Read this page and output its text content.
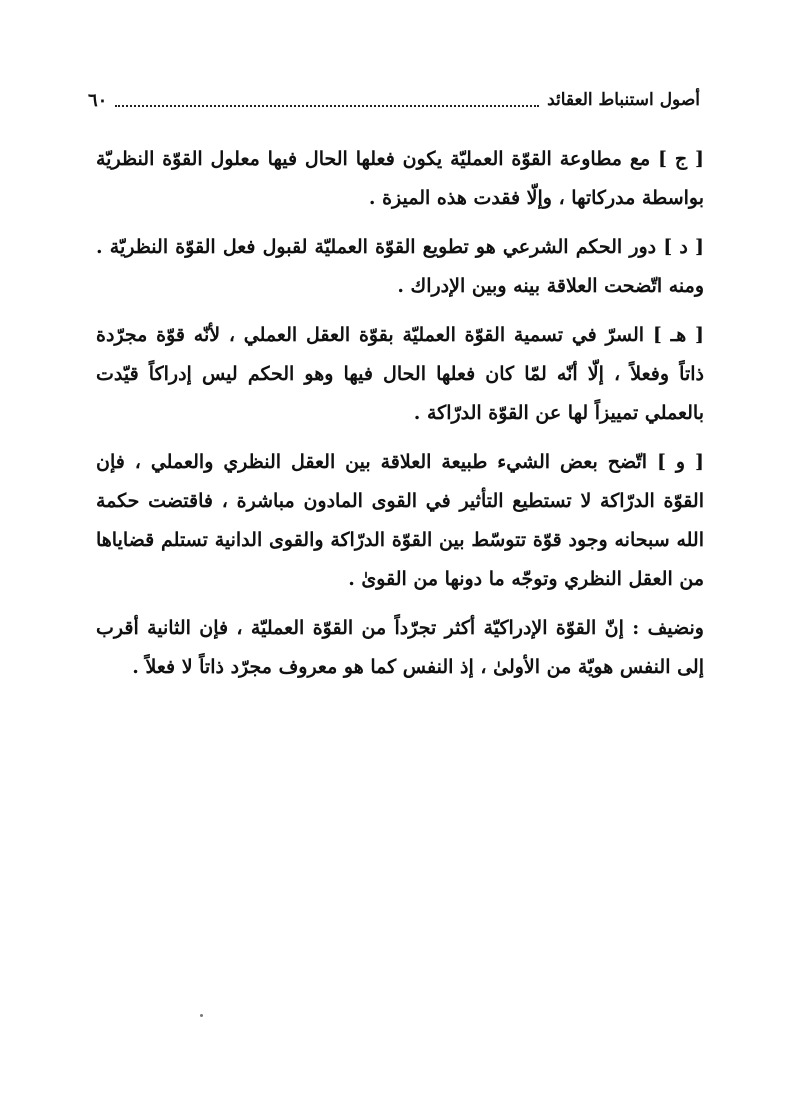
أصول استنباط العقائد
٦٠

[ ج ] مع مطاوعة القوّة العمليّة يكون فعلها الحال فيها معلول القوّة النظريّة بواسطة مدركاتها ، وإلّا فقدت هذه الميزة .

[ د ] دور الحكم الشرعي هو تطويع القوّة العمليّة لقبول فعل القوّة النظريّة . ومنه اتّضحت العلاقة بينه وبين الإدراك .

[ هـ ] السرّ في تسمية القوّة العمليّة بقوّة العقل العملي ، لأنّه قوّة مجرّدة ذاتاً وفعلاً ، إلّا أنّه لمّا كان فعلها الحال فيها وهو الحكم ليس إدراكاً قيّدت بالعملي تمييزاً لها عن القوّة الدرّاكة .

[ و ] اتّضح بعض الشيء طبيعة العلاقة بين العقل النظري والعملي ، فإن القوّة الدرّاكة لا تستطيع التأثير في القوى المادون مباشرة ، فاقتضت حكمة الله سبحانه وجود قوّة تتوسّط بين القوّة الدرّاكة والقوى الدانية تستلم قضاياها من العقل النظري وتوجّه ما دونها من القوىٰ .

ونضيف : إنّ القوّة الإدراكيّة أكثر تجرّداً من القوّة العمليّة ، فإن الثانية أقرب إلى النفس هويّة من الأولىٰ ، إذ النفس كما هو معروف مجرّد ذاتاً لا فعلاً .
